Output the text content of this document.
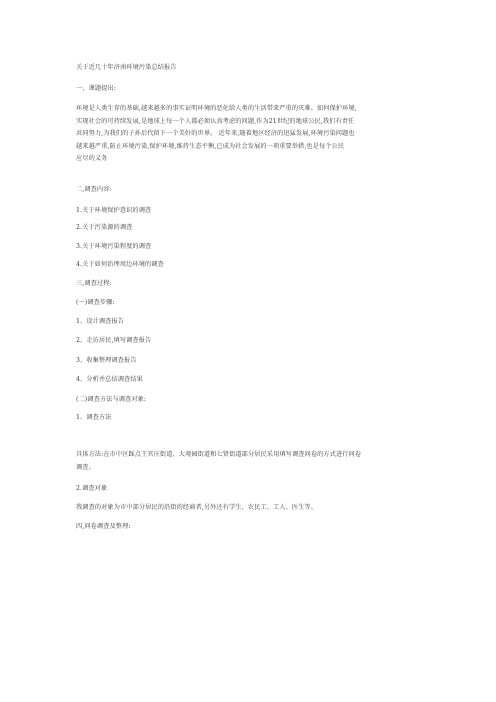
关于近几十年济南环境污染总结报告
一、课题提出:
环境是人类生存的基础,越来越多的事实证明环境的恶化给人类的生活带来严重的灾难。如何保护环境,
实现社会的可持续发展,是地球上每一个人都必须认真考虑的问题,作为21世纪的地球公民,我们有责任
共同努力,为我们的子孙后代留下一个美好的世界。 近年来,随着地区经济的迅猛发展,环境污染问题也
越来越严重,防止环境污染,保护环境,维持生态平衡,已成为社会发展的一项重要举措,也是每个公民
应尽的义务
二,调查内容:
1.关于环境保护意识的调查
2.关于污染源的调查
3.关于环境污染程度的调查
4.关于如何治理周边环境的调查
三,调查过程:
(一)调查步骤:
1、设计调查报告
2、走访居民,填写调查报告
3、收集整理调查报告
4、分析并总结调查结果
(二)调查方法与调查对象:
1、调查方法
具体方法:在市中区踩点王官庄街道、大观园街道和七贤街道部分居民采用填写调查问卷的方式进行问卷
调查。
2.调查对象
我调查的对象为市中部分居民的沿街的经商者,另外还有学生、农民工、工人、医生等。
四,问卷调查及整理:
